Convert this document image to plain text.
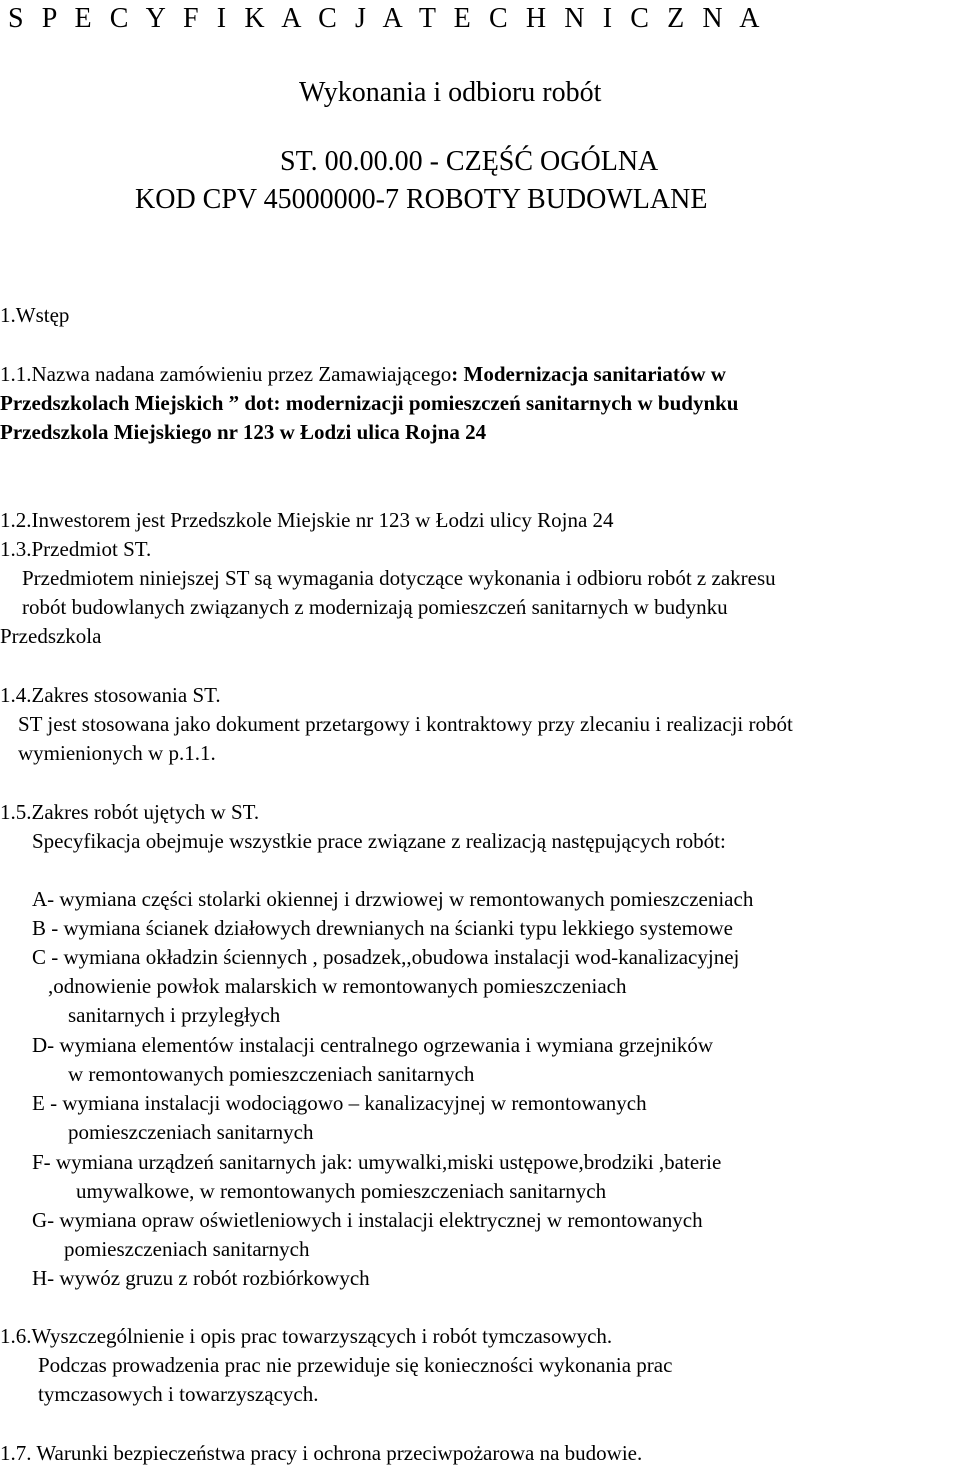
S P E C Y F I K A C J A T E C H N I C Z N A
Wykonania i odbioru robót
ST. 00.00.00 - CZĘŚĆ OGÓLNA
KOD CPV 45000000-7 ROBOTY BUDOWLANE
1.Wstęp
1.1.Nazwa nadana zamówieniu przez Zamawiającego: Modernizacja sanitariatów w
Przedszkolach Miejskich ” dot: modernizacji pomieszczeń sanitarnych w budynku
Przedszkola Miejskiego nr 123 w Łodzi ulica Rojna 24
1.2.Inwestorem jest Przedszkole Miejskie nr 123 w Łodzi ulicy Rojna 24
1.3.Przedmiot ST.
Przedmiotem niniejszej ST są wymagania dotyczące wykonania i odbioru robót z zakresu
robót budowlanych związanych z modernizają pomieszczeń sanitarnych w budynku
Przedszkola
1.4.Zakres stosowania ST.
ST jest stosowana jako dokument przetargowy i kontraktowy przy zlecaniu i realizacji robót
wymienionych w p.1.1.
1.5.Zakres robót ujętych w ST.
Specyfikacja obejmuje wszystkie prace związane z realizacją następujących robót:
A- wymiana części stolarki okiennej i drzwiowej w remontowanych pomieszczeniach
B - wymiana ścianek działowych drewnianych na ścianki typu lekkiego systemowe
C - wymiana okładzin ściennych , posadzek,,obudowa instalacji wod-kanalizacyjnej
,odnowienie powłok malarskich w remontowanych pomieszczeniach
sanitarnych i przyległych
D- wymiana elementów instalacji centralnego ogrzewania i wymiana grzejników
w remontowanych pomieszczeniach sanitarnych
E - wymiana instalacji wodociągowo – kanalizacyjnej w remontowanych
pomieszczeniach sanitarnych
F- wymiana urządzeń sanitarnych jak: umywalki,miski ustępowe,brodziki ,baterie
umywalkowe, w remontowanych pomieszczeniach sanitarnych
G- wymiana opraw oświetleniowych i instalacji elektrycznej w remontowanych
pomieszczeniach sanitarnych
H- wywóz gruzu z robót rozbiórkowych
1.6.Wyszczególnienie i opis prac towarzyszących i robót tymczasowych.
Podczas prowadzenia prac nie przewiduje się konieczności wykonania prac
tymczasowych i towarzyszących.
1.7. Warunki bezpieczeństwa pracy i ochrona przeciwpożarowa na budowie.
